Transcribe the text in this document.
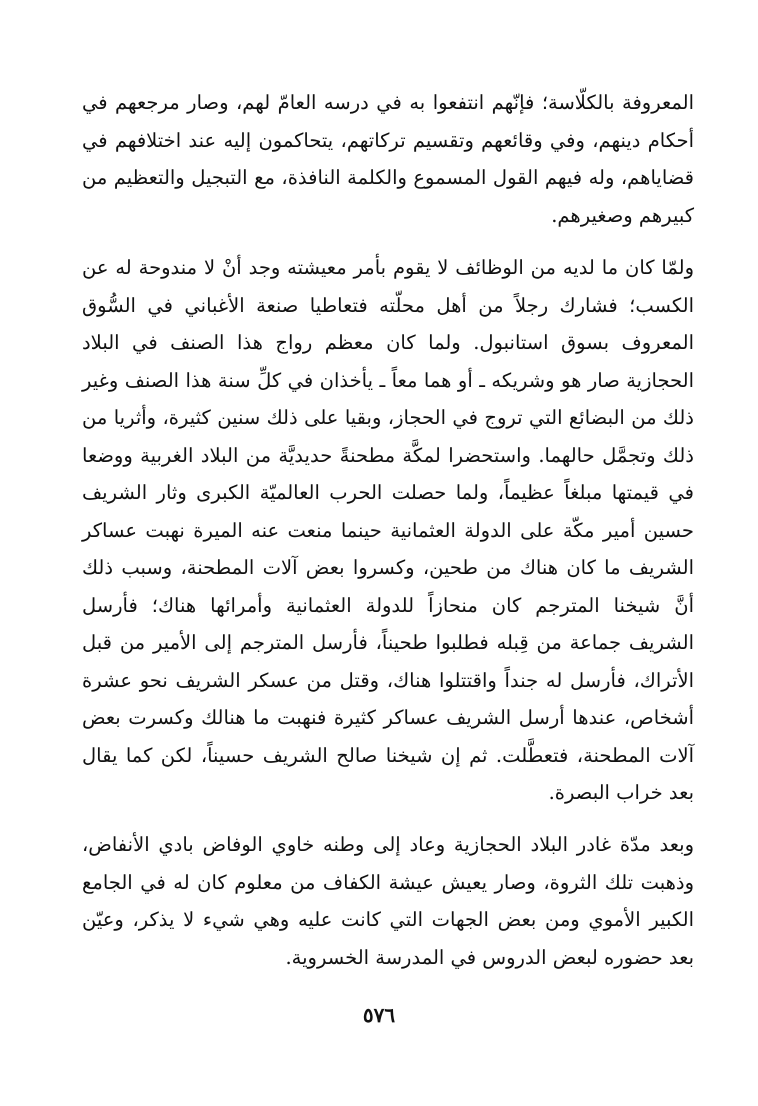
المعروفة بالكلّاسة؛ فإنّهم انتفعوا به في درسه العامّ لهم، وصار مرجعهم في أحكام دينهم، وفي وقائعهم وتقسيم تركاتهم، يتحاكمون إليه عند اختلافهم في قضاياهم، وله فيهم القول المسموع والكلمة النافذة، مع التبجيل والتعظيم من كبيرهم وصغيرهم.

ولمّا كان ما لديه من الوظائف لا يقوم بأمر معيشته وجد أنْ لا مندوحة له عن الكسب؛ فشارك رجلاً من أهل محلّته فتعاطيا صنعة الأغباني في السُّوق المعروف بسوق استانبول. ولما كان معظم رواج هذا الصنف في البلاد الحجازية صار هو وشريكه ـ أو هما معاً ـ يأخذان في كلِّ سنة هذا الصنف وغير ذلك من البضائع التي تروج في الحجاز، وبقيا على ذلك سنين كثيرة، وأثريا من ذلك وتجمَّل حالهما. واستحضرا لمكَّة مطحنةً حديديَّة من البلاد الغربية ووضعا في قيمتها مبلغاً عظيماً، ولما حصلت الحرب العالميّة الكبرى وثار الشريف حسين أمير مكّة على الدولة العثمانية حينما منعت عنه الميرة نهبت عساكر الشريف ما كان هناك من طحين، وكسروا بعض آلات المطحنة، وسبب ذلك أنَّ شيخنا المترجم كان منحازاً للدولة العثمانية وأمرائها هناك؛ فأرسل الشريف جماعة من قِبله فطلبوا طحيناً، فأرسل المترجم إلى الأمير من قبل الأتراك، فأرسل له جنداً واقتتلوا هناك، وقتل من عسكر الشريف نحو عشرة أشخاص، عندها أرسل الشريف عساكر كثيرة فنهبت ما هنالك وكسرت بعض آلات المطحنة، فتعطَّلت. ثم إن شيخنا صالح الشريف حسيناً، لكن كما يقال بعد خراب البصرة.

وبعد مدّة غادر البلاد الحجازية وعاد إلى وطنه خاوي الوفاض بادي الأنفاض، وذهبت تلك الثروة، وصار يعيش عيشة الكفاف من معلوم كان له في الجامع الكبير الأموي ومن بعض الجهات التي كانت عليه وهي شيء لا يذكر، وعيّن بعد حضوره لبعض الدروس في المدرسة الخسروية.

٥٧٦
